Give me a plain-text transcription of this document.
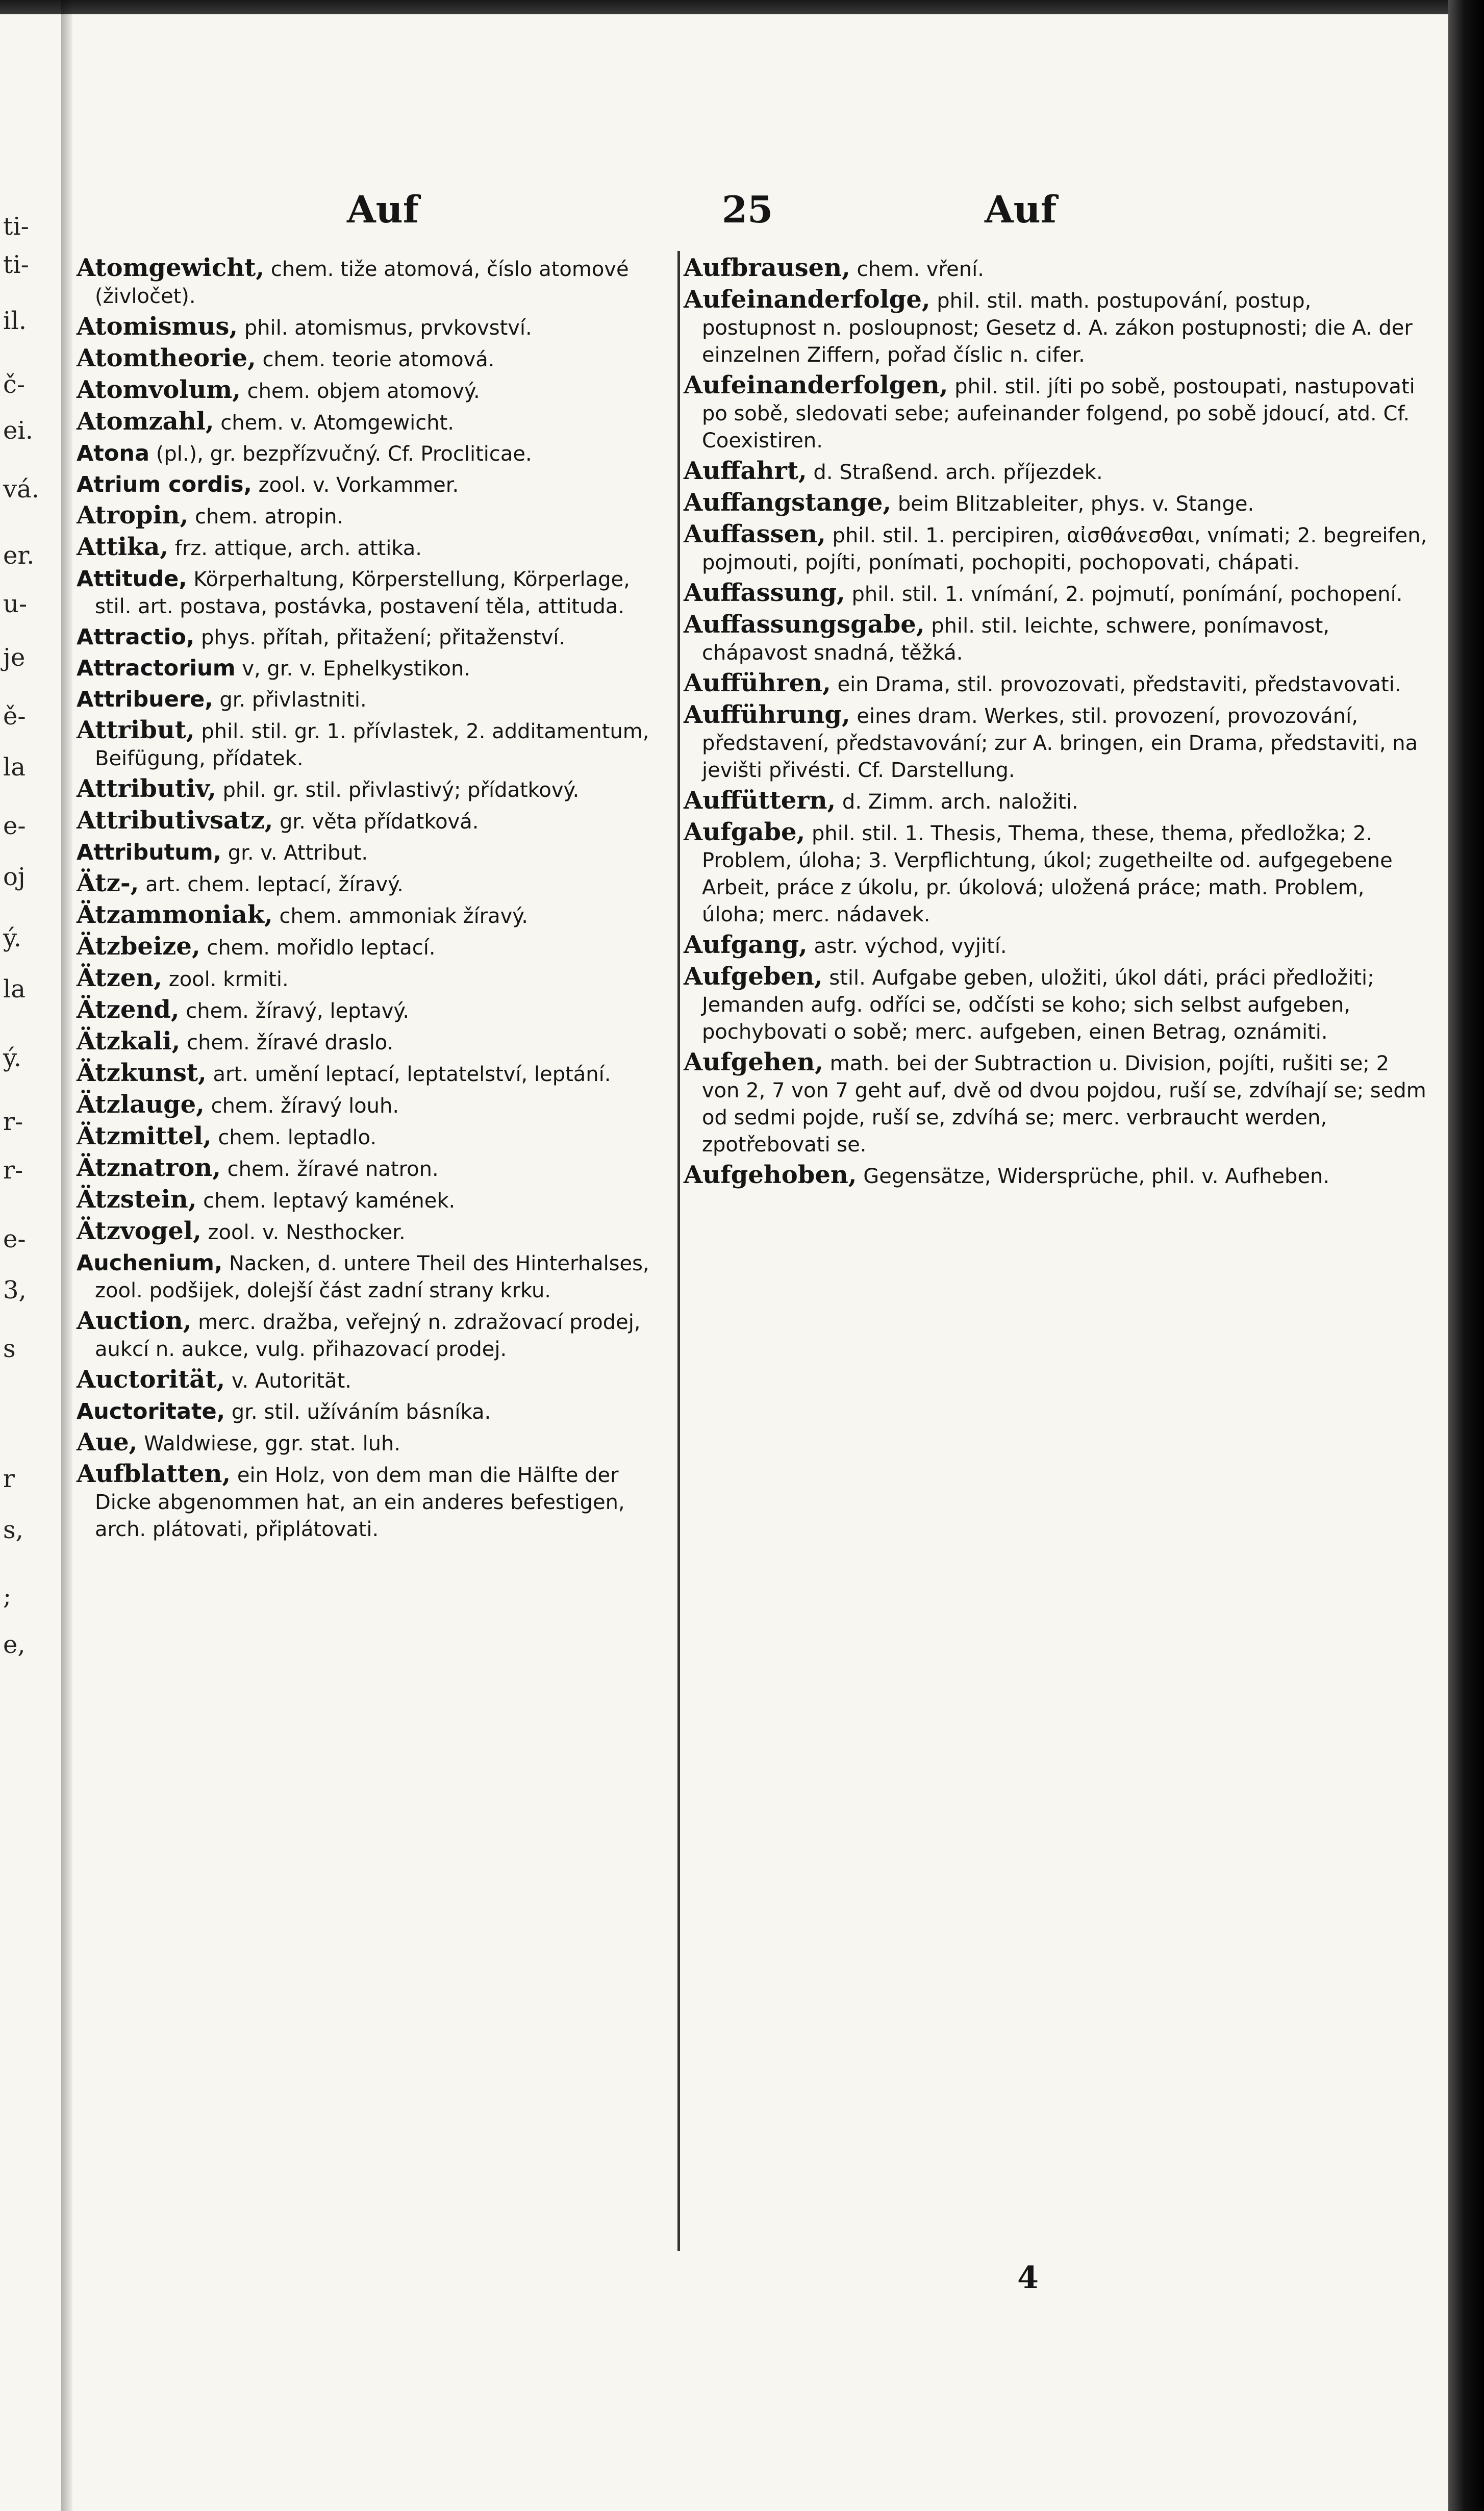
ti-
ti-
il.
č-
ei.
vá.
er.
u-
je
ě-
la
e-
oj
ý.
la
ý.
r-
r-
e-
3,
s
r
s,
;
e,
Auf	25	Auf
Atomgewicht, chem. tiže atomová, číslo atomové (živločet).
Atomismus, phil. atomismus, prvkovství.
Atomtheorie, chem. teorie atomová.
Atomvolum, chem. objem atomový.
Atomzahl, chem. v. Atomgewicht.
Atona (pl.), gr. bezpřízvučný. Cf. Procliticae.
Atrium cordis, zool. v. Vorkammer.
Atropin, chem. atropin.
Attika, frz. attique, arch. attika.
Attitude, Körperhaltung, Körperstellung, Körperlage, stil. art. postava, postávka, postavení těla, attituda.
Attractio, phys. přítah, přitažení; přitaženství.
Attractorium v, gr. v. Ephelkystikon.
Attribuere, gr. přivlastniti.
Attribut, phil. stil. gr. 1. přívlastek, 2. additamentum, Beifügung, přídatek.
Attributiv, phil. gr. stil. přivlastivý; přídatkový.
Attributivsatz, gr. věta přídatková.
Attributum, gr. v. Attribut.
Ätz-, art. chem. leptací, žíravý.
Ätzammoniak, chem. ammoniak žíravý.
Ätzbeize, chem. mořidlo leptací.
Ätzen, zool. krmiti.
Ätzend, chem. žíravý, leptavý.
Ätzkali, chem. žíravé draslo.
Ätzkunst, art. umění leptací, leptatelství, leptání.
Ätzlauge, chem. žíravý louh.
Ätzmittel, chem. leptadlo.
Ätznatron, chem. žíravé natron.
Ätzstein, chem. leptavý kamének.
Ätzvogel, zool. v. Nesthocker.
Auchenium, Nacken, d. untere Theil des Hinterhalses, zool. podšijek, dolejší část zadní strany krku.
Auction, merc. dražba, veřejný n. zdražovací prodej, aukcí n. aukce, vulg. přihazovací prodej.
Auctorität, v. Autorität.
Auctoritate, gr. stil. užíváním básníka.
Aue, Waldwiese, ggr. stat. luh.
Aufblatten, ein Holz, von dem man die Hälfte der Dicke abgenommen hat, an ein anderes befestigen, arch. plátovati, připlátovati.
Aufbrausen, chem. vření.
Aufeinanderfolge, phil. stil. math. postupování, postup, postupnost n. posloupnost; Gesetz d. A. zákon postupnosti; die A. der einzelnen Ziffern, pořad číslic n. cifer.
Aufeinanderfolgen, phil. stil. jíti po sobě, postoupati, nastupovati po sobě, sledovati sebe; aufeinander folgend, po sobě jdoucí, atd. Cf. Coexistiren.
Auffahrt, d. Straßend. arch. příjezdek.
Auffangstange, beim Blitzableiter, phys. v. Stange.
Auffassen, phil. stil. 1. percipiren, αἰσθάνεσθαι, vnímati; 2. begreifen, pojmouti, pojíti, ponímati, pochopiti, pochopovati, chápati.
Auffassung, phil. stil. 1. vnímání, 2. pojmutí, ponímání, pochopení.
Auffassungsgabe, phil. stil. leichte, schwere, ponímavost, chápavost snadná, těžká.
Aufführen, ein Drama, stil. provozovati, představiti, představovati.
Aufführung, eines dram. Werkes, stil. provození, provozování, představení, představování; zur A. bringen, ein Drama, představiti, na jevišti přivésti. Cf. Darstellung.
Auffüttern, d. Zimm. arch. naložiti.
Aufgabe, phil. stil. 1. Thesis, Thema, these, thema, předložka; 2. Problem, úloha; 3. Verpflichtung, úkol; zugetheilte od. aufgegebene Arbeit, práce z úkolu, pr. úkolová; uložená práce; math. Problem, úloha; merc. nádavek.
Aufgang, astr. východ, vyjití.
Aufgeben, stil. Aufgabe geben, uložiti, úkol dáti, práci předložiti; Jemanden aufg. odříci se, odčísti se koho; sich selbst aufgeben, pochybovati o sobě; merc. aufgeben, einen Betrag, oznámiti.
Aufgehen, math. bei der Subtraction u. Division, pojíti, rušiti se; 2 von 2, 7 von 7 geht auf, dvě od dvou pojdou, ruší se, zdvíhají se; sedm od sedmi pojde, ruší se, zdvíhá se; merc. verbraucht werden, zpotřebovati se.
Aufgehoben, Gegensätze, Widersprüche, phil. v. Aufheben.
4
